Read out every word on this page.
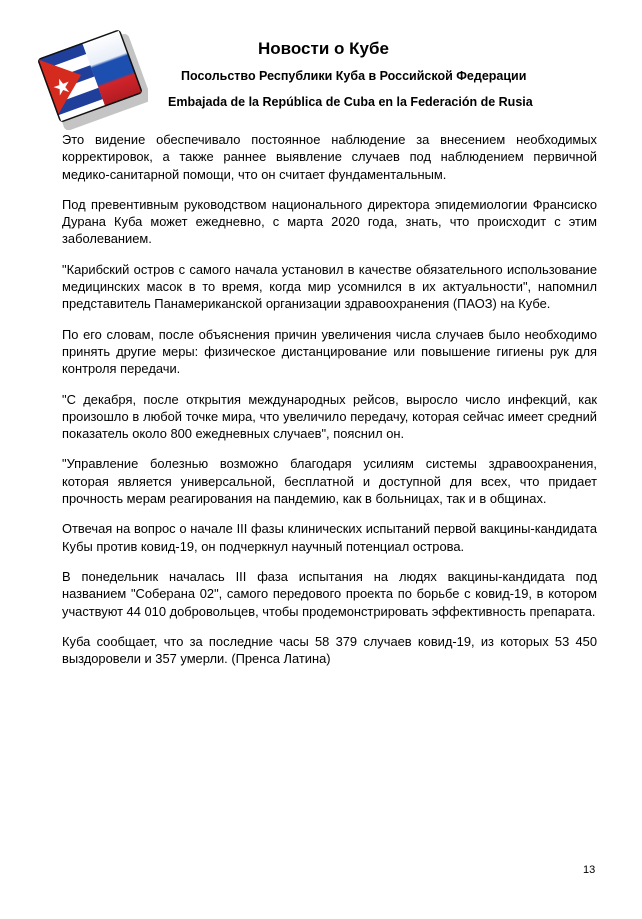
Новости о Кубе

Посольство Республики Куба в Российской Федерации

Embajada de la República de Cuba en la Federación de Rusia

Это видение обеспечивало постоянное наблюдение за внесением необходимых корректировок, а также раннее выявление случаев под наблюдением первичной медико-санитарной помощи, что он считает фундаментальным.

Под превентивным руководством национального директора эпидемиологии Франсиско Дурана Куба может ежедневно, с марта 2020 года, знать, что происходит с этим заболеванием.

"Карибский остров с самого начала установил в качестве обязательного использование медицинских масок в то время, когда мир усомнился в их актуальности", напомнил представитель Панамериканской организации здравоохранения (ПАОЗ) на Кубе.

По его словам, после объяснения причин увеличения числа случаев было необходимо принять другие меры: физическое дистанцирование или повышение гигиены рук для контроля передачи.

"С декабря, после открытия международных рейсов, выросло число инфекций, как произошло в любой точке мира, что увеличило передачу, которая сейчас имеет средний показатель около 800 ежедневных случаев", пояснил он.

"Управление болезнью возможно благодаря усилиям системы здравоохранения, которая является универсальной, бесплатной и доступной для всех, что придает прочность мерам реагирования на пандемию, как в больницах, так и в общинах.

Отвечая на вопрос о начале III фазы клинических испытаний первой вакцины-кандидата Кубы против ковид-19, он подчеркнул научный потенциал острова.

В понедельник началась III фаза испытания на людях вакцины-кандидата под названием "Соберана 02", самого передового проекта по борьбе с ковид-19, в котором участвуют 44 010 добровольцев, чтобы продемонстрировать эффективность препарата.

Куба сообщает, что за последние часы 58 379 случаев ковид-19, из которых 53 450 выздоровели и 357 умерли. (Пренса Латина)

13
